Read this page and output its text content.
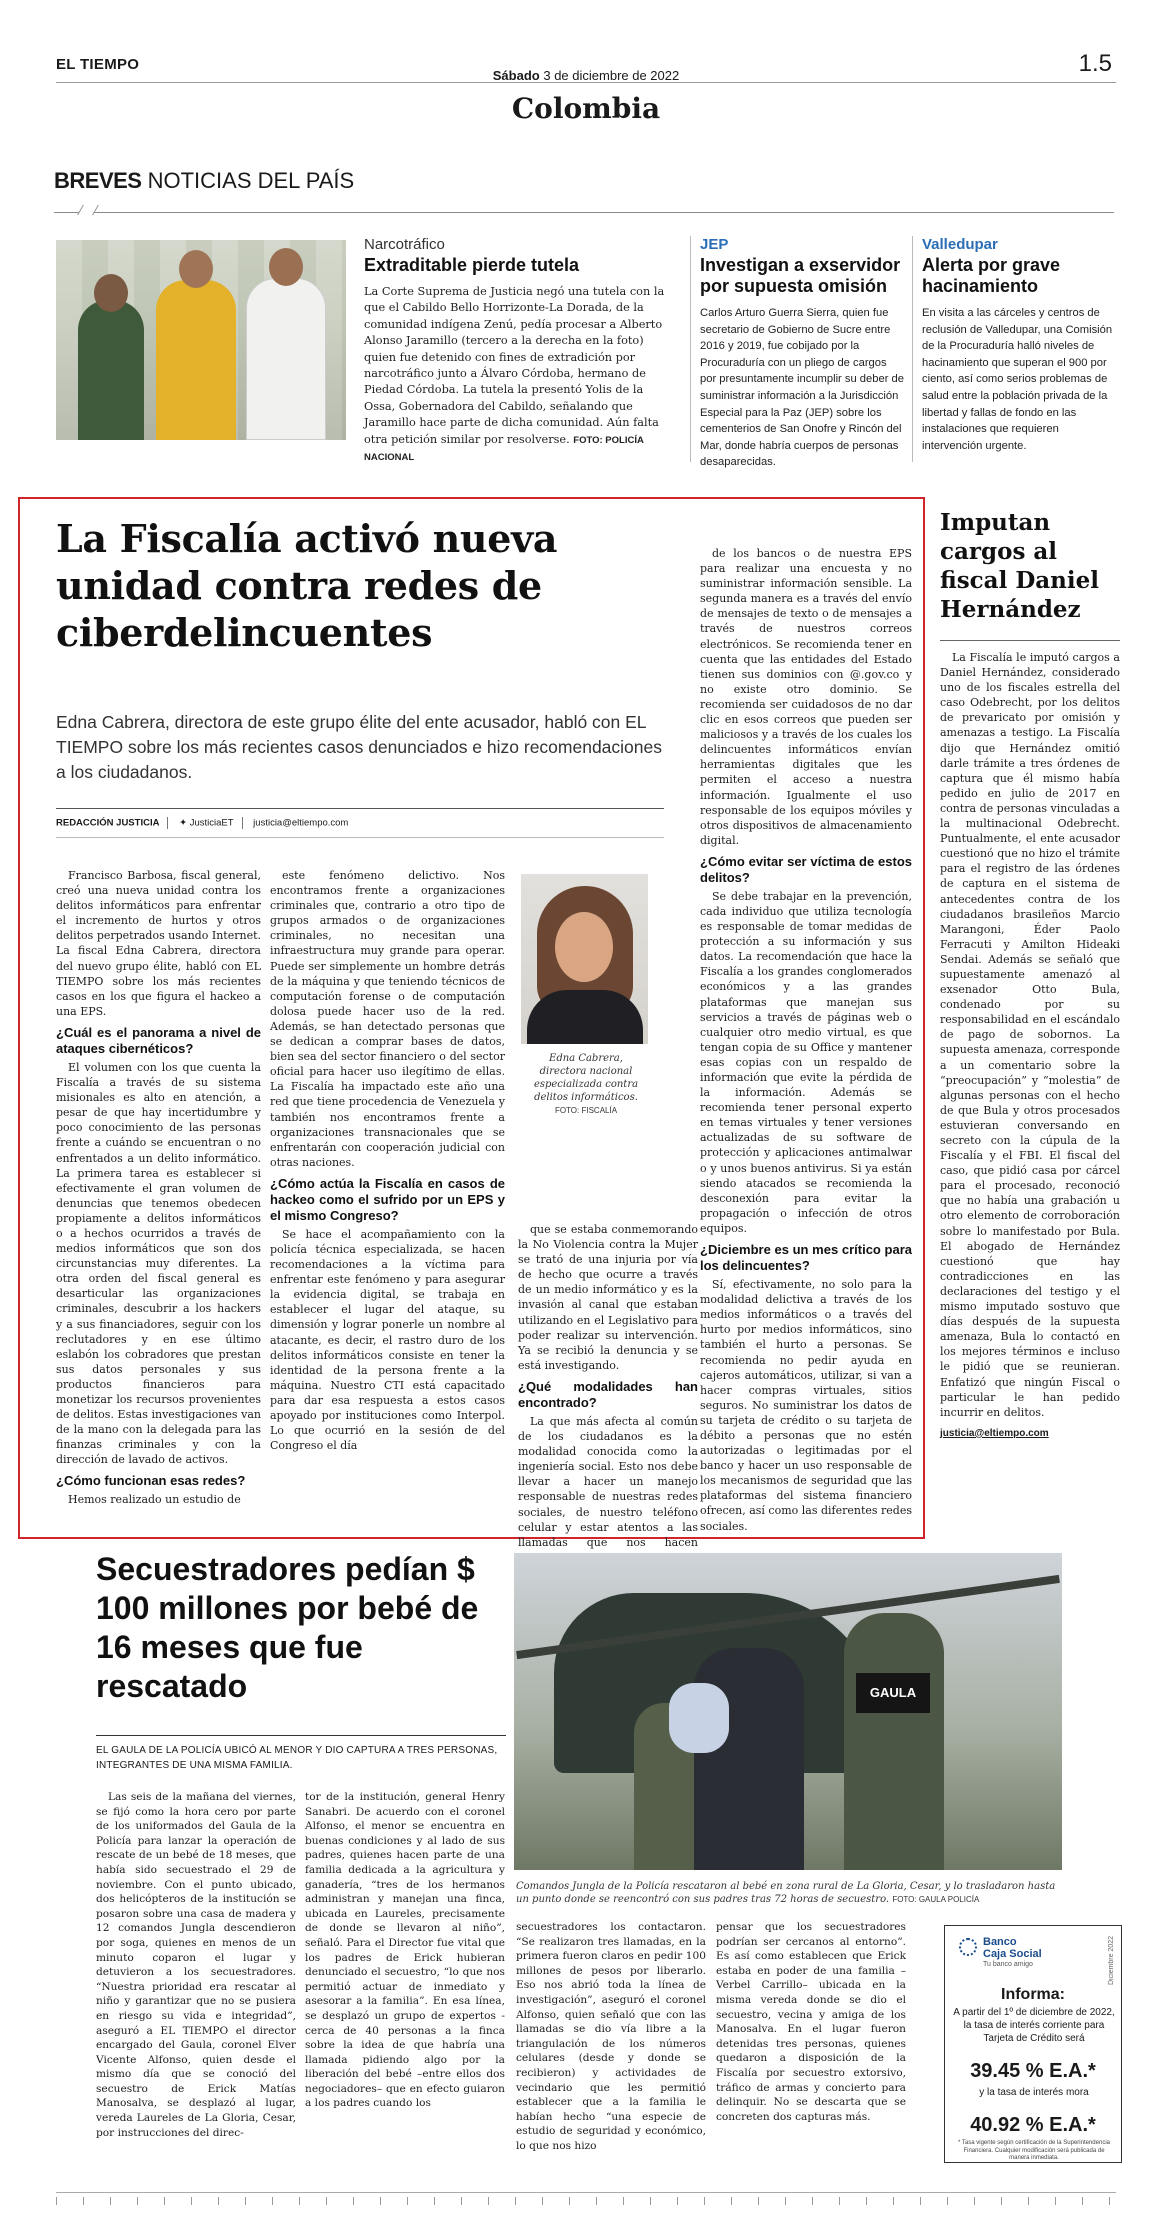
EL TIEMPO
Sábado 3 de diciembre de 2022	1.5
Colombia
BREVES NOTICIAS DEL PAÍS
Narcotráfico
Extraditable pierde tutela

La Corte Suprema de Justicia negó una tutela con la que el Cabildo Bello Horrizonte-La Dorada, de la comunidad indígena Zenú, pedía procesar a Alberto Alonso Jaramillo (tercero a la derecha en la foto) quien fue detenido con fines de extradición por narcotráfico junto a Álvaro Córdoba, hermano de Piedad Córdoba. La tutela la presentó Yolis de la Ossa, Gobernadora del Cabildo, señalando que Jaramillo hace parte de dicha comunidad. Aún falta otra petición similar por resolverse. FOTO: POLICÍA NACIONAL

JEP
Investigan a exservidor por supuesta omisión

Carlos Arturo Guerra Sierra, quien fue secretario de Gobierno de Sucre entre 2016 y 2019, fue cobijado por la Procuraduría con un pliego de cargos por presuntamente incumplir su deber de suministrar información a la Jurisdicción Especial para la Paz (JEP) sobre los cementerios de San Onofre y Rincón del Mar, donde habría cuerpos de personas desaparecidas.

Valledupar
Alerta por grave hacinamiento

En visita a las cárceles y centros de reclusión de Valledupar, una Comisión de la Procuraduría halló niveles de hacinamiento que superan el 900 por ciento, así como serios problemas de salud entre la población privada de la libertad y fallas de fondo en las instalaciones que requieren intervención urgente.

La Fiscalía activó nueva unidad contra redes de ciberdelincuentes

Edna Cabrera, directora de este grupo élite del ente acusador, habló con EL TIEMPO sobre los más recientes casos denunciados e hizo recomendaciones a los ciudadanos.

REDACCIÓN JUSTICIA ✦ JusticiaET justicia@eltiempo.com

Francisco Barbosa, fiscal general, creó una nueva unidad contra los delitos informáticos para enfrentar el incremento de hurtos y otros delitos perpetrados usando Internet. La fiscal Edna Cabrera, directora del nuevo grupo élite, habló con EL TIEMPO sobre los más recientes casos en los que figura el hackeo a una EPS.

¿Cuál es el panorama a nivel de ataques cibernéticos?

El volumen con los que cuenta la Fiscalía a través de su sistema misionales es alto en atención, a pesar de que hay incertidumbre y poco conocimiento de las personas frente a cuándo se encuentran o no enfrentados a un delito informático. La primera tarea es establecer si efectivamente el gran volumen de denuncias que tenemos obedecen propiamente a delitos informáticos o a hechos ocurridos a través de medios informáticos que son dos circunstancias muy diferentes. La otra orden del fiscal general es desarticular las organizaciones criminales, descubrir a los hackers y a sus financiadores, seguir con los reclutadores y en ese último eslabón los cobradores que prestan sus datos personales y sus productos financieros para monetizar los recursos provenientes de delitos. Estas investigaciones van de la mano con la delegada para las finanzas criminales y con la dirección de lavado de activos.

¿Cómo funcionan esas redes?

Hemos realizado un estudio de

este fenómeno delictivo. Nos encontramos frente a organizaciones criminales que, contrario a otro tipo de grupos armados o de organizaciones criminales, no necesitan una infraestructura muy grande para operar. Puede ser simplemente un hombre detrás de la máquina y que teniendo técnicos de computación forense o de computación dolosa puede hacer uso de la red. Además, se han detectado personas que se dedican a comprar bases de datos, bien sea del sector financiero o del sector oficial para hacer uso ilegítimo de ellas. La Fiscalía ha impactado este año una red que tiene procedencia de Venezuela y también nos encontramos frente a organizaciones transnacionales que se enfrentarán con cooperación judicial con otras naciones.

¿Cómo actúa la Fiscalía en casos de hackeo como el sufrido por un EPS y el mismo Congreso?

Se hace el acompañamiento con la policía técnica especializada, se hacen recomendaciones a la víctima para enfrentar este fenómeno y para asegurar la evidencia digital, se trabaja en establecer el lugar del ataque, su dimensión y lograr ponerle un nombre al atacante, es decir, el rastro duro de los delitos informáticos consiste en tener la identidad de la persona frente a la máquina. Nuestro CTI está capacitado para dar esa respuesta a estos casos apoyado por instituciones como Interpol. Lo que ocurrió en la sesión de del Congreso el día

Edna Cabrera, directora nacional especializada contra delitos informáticos. FOTO: FISCALÍA

que se estaba conmemorando la No Violencia contra la Mujer se trató de una injuria por vía de hecho que ocurre a través de un medio informático y es la invasión al canal que estaban utilizando en el Legislativo para poder realizar su intervención. Ya se recibió la denuncia y se está investigando.

¿Qué modalidades han encontrado?

La que más afecta al común de los ciudadanos es la modalidad conocida como la ingeniería social. Esto nos debe llevar a hacer un manejo responsable de nuestras redes sociales, de nuestro teléfono celular y estar atentos a las llamadas que nos hacen

de los bancos o de nuestra EPS para realizar una encuesta y no suministrar información sensible. La segunda manera es a través del envío de mensajes de texto o de mensajes a través de nuestros correos electrónicos. Se recomienda tener en cuenta que las entidades del Estado tienen sus dominios con @.gov.co y no existe otro dominio. Se recomienda ser cuidadosos de no dar clic en esos correos que pueden ser maliciosos y a través de los cuales los delincuentes informáticos envían herramientas digitales que les permiten el acceso a nuestra información. Igualmente el uso responsable de los equipos móviles y otros dispositivos de almacenamiento digital.

¿Cómo evitar ser víctima de estos delitos?

Se debe trabajar en la prevención, cada individuo que utiliza tecnología es responsable de tomar medidas de protección a su información y sus datos. La recomendación que hace la Fiscalía a los grandes conglomerados económicos y a las grandes plataformas que manejan sus servicios a través de páginas web o cualquier otro medio virtual, es que tengan copia de su Office y mantener esas copias con un respaldo de información que evite la pérdida de la información. Además se recomienda tener personal experto en temas virtuales y tener versiones actualizadas de su software de protección y aplicaciones antimalwar o y unos buenos antivirus. Si ya están siendo atacados se recomienda la desconexión para evitar la propagación o infección de otros equipos.

¿Diciembre es un mes crítico para los delincuentes?

Sí, efectivamente, no solo para la modalidad delictiva a través de los medios informáticos o a través del hurto por medios informáticos, sino también el hurto a personas. Se recomienda no pedir ayuda en cajeros automáticos, utilizar, si van a hacer compras virtuales, sitios seguros. No suministrar los datos de su tarjeta de crédito o su tarjeta de débito a personas que no estén autorizadas o legitimadas por el banco y hacer un uso responsable de los mecanismos de seguridad que las plataformas del sistema financiero ofrecen, así como las diferentes redes sociales.

Imputan cargos al fiscal Daniel Hernández

La Fiscalía le imputó cargos a Daniel Hernández, considerado uno de los fiscales estrella del caso Odebrecht, por los delitos de prevaricato por omisión y amenazas a testigo. La Fiscalía dijo que Hernández omitió darle trámite a tres órdenes de captura que él mismo había pedido en julio de 2017 en contra de personas vinculadas a la multinacional Odebrecht. Puntualmente, el ente acusador cuestionó que no hizo el trámite para el registro de las órdenes de captura en el sistema de antecedentes contra de los ciudadanos brasileños Marcio Marangoni, Éder Paolo Ferracuti y Amilton Hideaki Sendai. Además se señaló que supuestamente amenazó al exsenador Otto Bula, condenado por su responsabilidad en el escándalo de pago de sobornos. La supuesta amenaza, corresponde a un comentario sobre la “preocupación” y “molestia” de algunas personas con el hecho de que Bula y otros procesados estuvieran conversando en secreto con la cúpula de la Fiscalía y el FBI. El fiscal del caso, que pidió casa por cárcel para el procesado, reconoció que no había una grabación u otro elemento de corroboración sobre lo manifestado por Bula. El abogado de Hernández cuestionó que hay contradicciones en las declaraciones del testigo y el mismo imputado sostuvo que días después de la supuesta amenaza, Bula lo contactó en los mejores términos e incluso le pidió que se reunieran. Enfatizó que ningún Fiscal o particular le han pedido incurrir en delitos.

justicia@eltiempo.com

Secuestradores pedían $ 100 millones por bebé de 16 meses que fue rescatado
EL GAULA DE LA POLICÍA UBICÓ AL MENOR Y DIO CAPTURA A TRES PERSONAS, INTEGRANTES DE UNA MISMA FAMILIA.
GAULA
Comandos Jungla de la Policía rescataron al bebé en zona rural de La Gloria, Cesar, y lo trasladaron hasta un punto donde se reencontró con sus padres tras 72 horas de secuestro. FOTO: GAULA POLICÍA

Las seis de la mañana del viernes, se fijó como la hora cero por parte de los uniformados del Gaula de la Policía para lanzar la operación de rescate de un bebé de 18 meses, que había sido secuestrado el 29 de noviembre. Con el punto ubicado, dos helicópteros de la institución se posaron sobre una casa de madera y 12 comandos Jungla descendieron por soga, quienes en menos de un minuto coparon el lugar y detuvieron a los secuestradores. “Nuestra prioridad era rescatar al niño y garantizar que no se pusiera en riesgo su vida e integridad”, aseguró a EL TIEMPO el director encargado del Gaula, coronel Elver Vicente Alfonso, quien desde el mismo día que se conoció del secuestro de Erick Matías Manosalva, se desplazó al lugar, vereda Laureles de La Gloria, Cesar, por instrucciones del direc-

tor de la institución, general Henry Sanabri. De acuerdo con el coronel Alfonso, el menor se encuentra en buenas condiciones y al lado de sus padres, quienes hacen parte de una familia dedicada a la agricultura y ganadería, “tres de los hermanos administran y manejan una finca, ubicada en Laureles, precisamente de donde se llevaron al niño”, señaló. Para el Director fue vital que los padres de Erick hubieran denunciado el secuestro, “lo que nos permitió actuar de inmediato y asesorar a la familia”. En esa línea, se desplazó un grupo de expertos - cerca de 40 personas a la finca sobre la idea de que habría una llamada pidiendo algo por la liberación del bebé –entre ellos dos negociadores– que en efecto guiaron a los padres cuando los

secuestradores los contactaron. “Se realizaron tres llamadas, en la primera fueron claros en pedir 100 millones de pesos por liberarlo. Eso nos abrió toda la línea de investigación”, aseguró el coronel Alfonso, quien señaló que con las llamadas se dio vía libre a la triangulación de los números celulares (desde y donde se recibieron) y actividades de vecindario que les permitió establecer que a la familia le habían hecho “una especie de estudio de seguridad y económico, lo que nos hizo

pensar que los secuestradores podrían ser cercanos al entorno”. Es así como establecen que Erick estaba en poder de una familia –Verbel Carrillo– ubicada en la misma vereda donde se dio el secuestro, vecina y amiga de los Manosalva. En el lugar fueron detenidas tres personas, quienes quedaron a disposición de la Fiscalía por secuestro extorsivo, tráfico de armas y concierto para delinquir. No se descarta que se concreten dos capturas más.

Banco
Caja Social
Tu banco amigo	Diciembre 2022
Informa:
A partir del 1º de diciembre de 2022, la tasa de interés corriente para Tarjeta de Crédito será
39.45 % E.A.*
y la tasa de interés mora
40.92 % E.A.*
* Tasa vigente según certificación de la Superintendencia Financiera. Cualquier modificación será publicada de manera inmediata.
